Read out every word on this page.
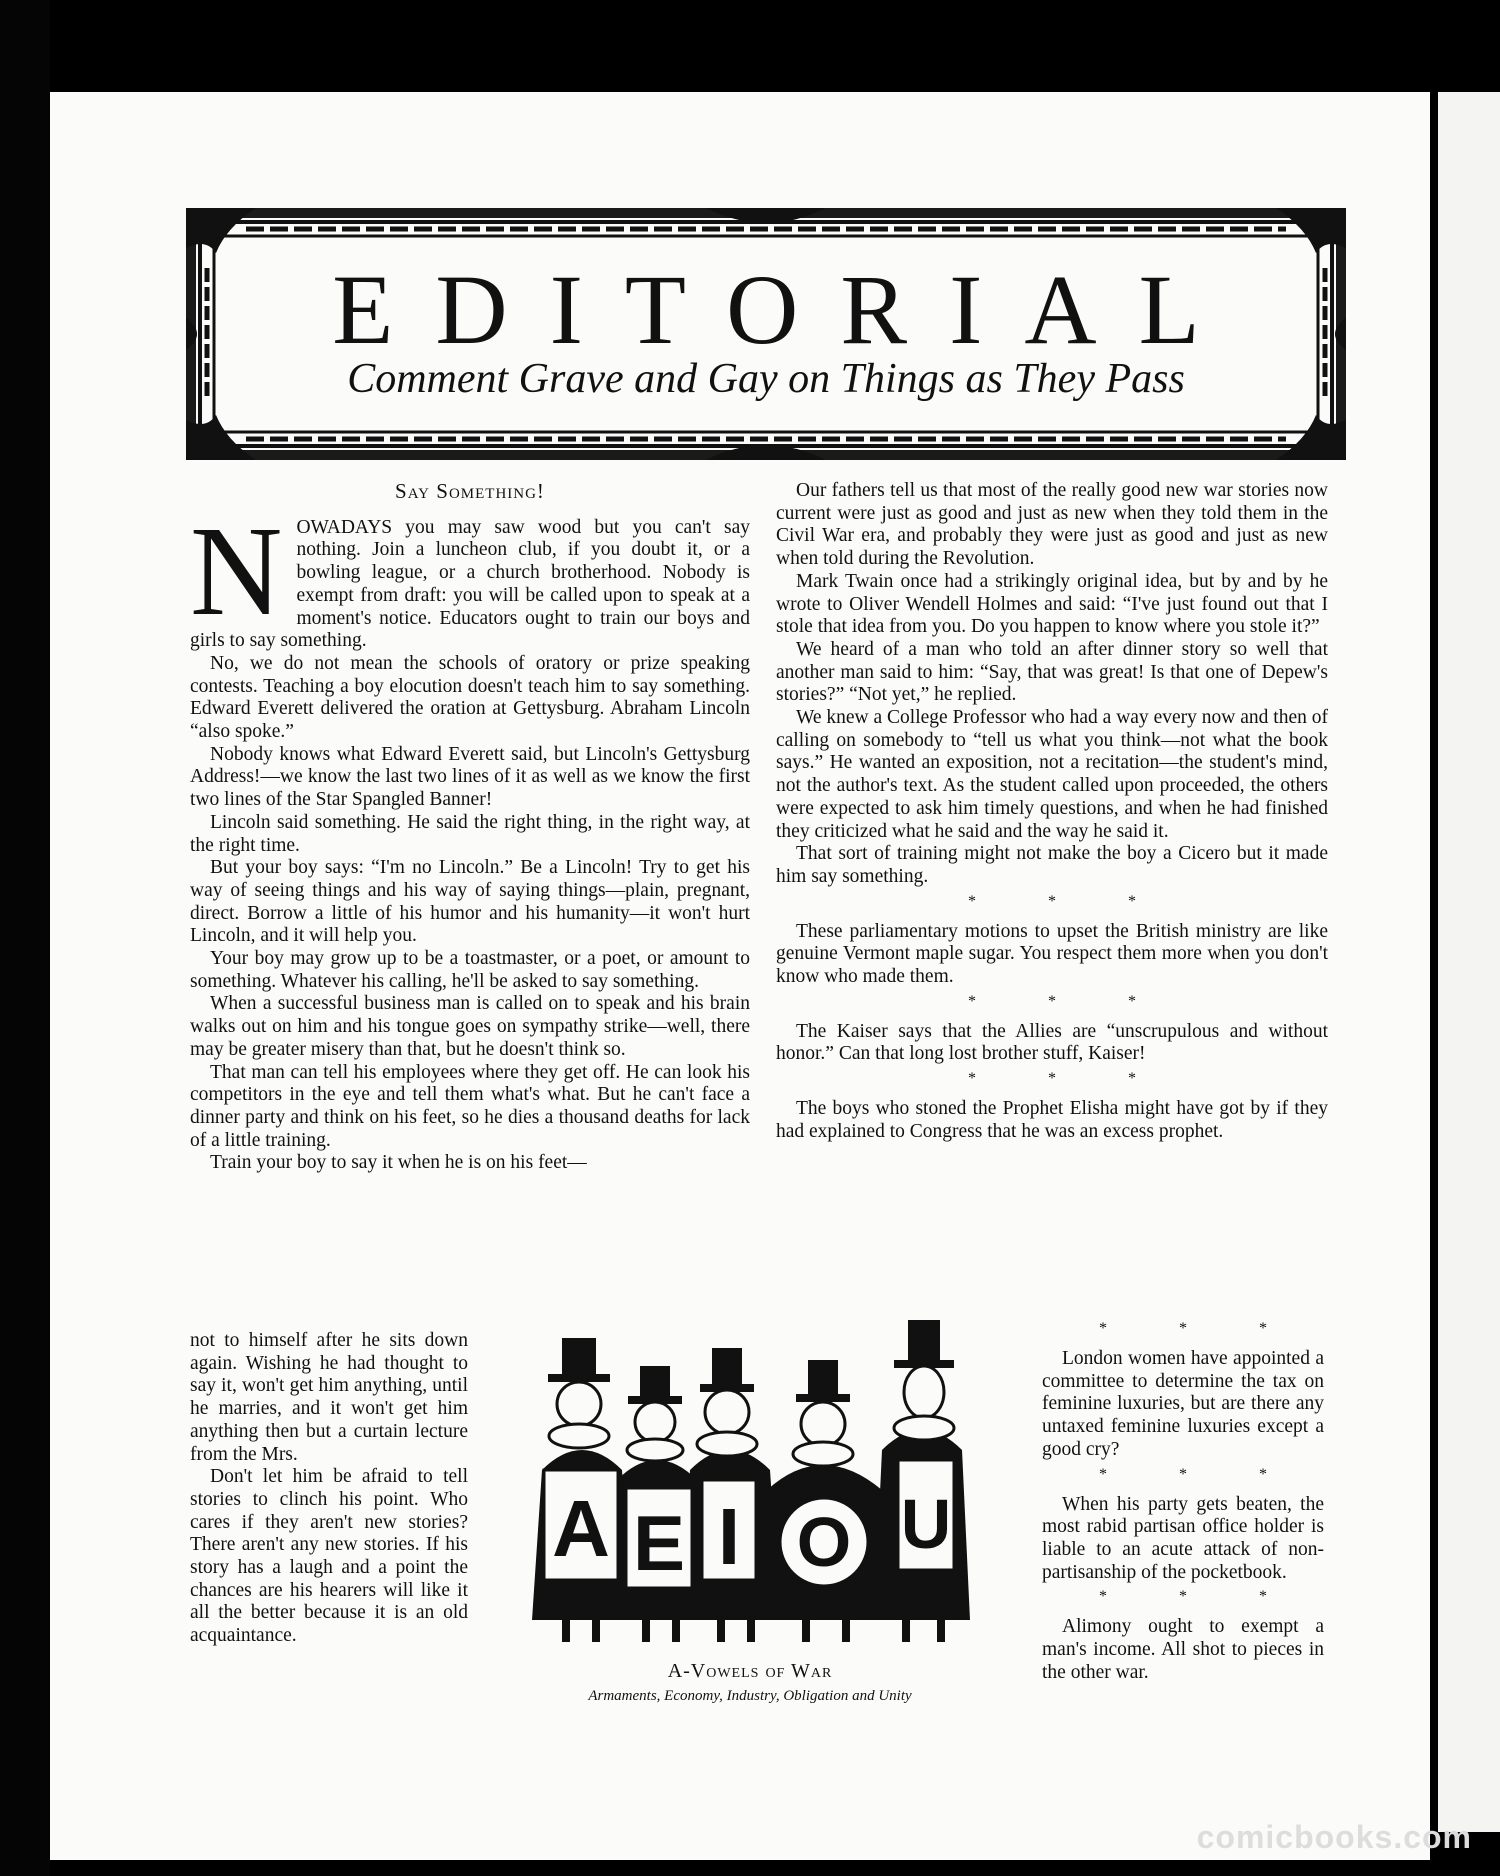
EDITORIAL
Comment Grave and Gay on Things as They Pass
Say Something!

NOWADAYS you may saw wood but you can't say nothing. Join a luncheon club, if you doubt it, or a bowling league, or a church brotherhood. Nobody is exempt from draft: you will be called upon to speak at a moment's notice. Educators ought to train our boys and girls to say something.

No, we do not mean the schools of oratory or prize speaking contests. Teaching a boy elocution doesn't teach him to say something. Edward Everett delivered the oration at Gettysburg. Abraham Lincoln “also spoke.”

Nobody knows what Edward Everett said, but Lincoln's Gettysburg Address!—we know the last two lines of it as well as we know the first two lines of the Star Spangled Banner!

Lincoln said something. He said the right thing, in the right way, at the right time.

But your boy says: “I'm no Lincoln.” Be a Lincoln! Try to get his way of seeing things and his way of saying things—plain, pregnant, direct. Borrow a little of his humor and his humanity—it won't hurt Lincoln, and it will help you.

Your boy may grow up to be a toastmaster, or a poet, or amount to something. Whatever his calling, he'll be asked to say something.

When a successful business man is called on to speak and his brain walks out on him and his tongue goes on sympathy strike—well, there may be greater misery than that, but he doesn't think so.

That man can tell his employees where they get off. He can look his competitors in the eye and tell them what's what. But he can't face a dinner party and think on his feet, so he dies a thousand deaths for lack of a little training.

Train your boy to say it when he is on his feet—

not to himself after he sits down again. Wishing he had thought to say it, won't get him anything, until he marries, and it won't get him anything then but a curtain lecture from the Mrs.

Don't let him be afraid to tell stories to clinch his point. Who cares if they aren't new stories? There aren't any new stories. If his story has a laugh and a point the chances are his hearers will like it all the better because it is an old acquaintance.

Our fathers tell us that most of the really good new war stories now current were just as good and just as new when they told them in the Civil War era, and probably they were just as good and just as new when told during the Revolution.

Mark Twain once had a strikingly original idea, but by and by he wrote to Oliver Wendell Holmes and said: “I've just found out that I stole that idea from you. Do you happen to know where you stole it?”

We heard of a man who told an after dinner story so well that another man said to him: “Say, that was great! Is that one of Depew's stories?” “Not yet,” he replied.

We knew a College Professor who had a way every now and then of calling on somebody to “tell us what you think—not what the book says.” He wanted an exposition, not a recitation—the student's mind, not the author's text. As the student called upon proceeded, the others were expected to ask him timely questions, and when he had finished they criticized what he said and the way he said it.

That sort of training might not make the boy a Cicero but it made him say something.

* * *

These parliamentary motions to upset the British ministry are like genuine Vermont maple sugar. You respect them more when you don't know who made them.

* * *

The Kaiser says that the Allies are “unscrupulous and without honor.” Can that long lost brother stuff, Kaiser!

* * *

The boys who stoned the Prophet Elisha might have got by if they had explained to Congress that he was an excess prophet.

* * *

London women have appointed a committee to determine the tax on feminine luxuries, but are there any untaxed feminine luxuries except a good cry?

* * *

When his party gets beaten, the most rabid partisan office holder is liable to an acute attack of non-partisanship of the pocketbook.

* * *

Alimony ought to exempt a man's income. All shot to pieces in the other war.

A E I O U
A-Vowels of War
Armaments, Economy, Industry, Obligation and Unity
comicbooks.com
